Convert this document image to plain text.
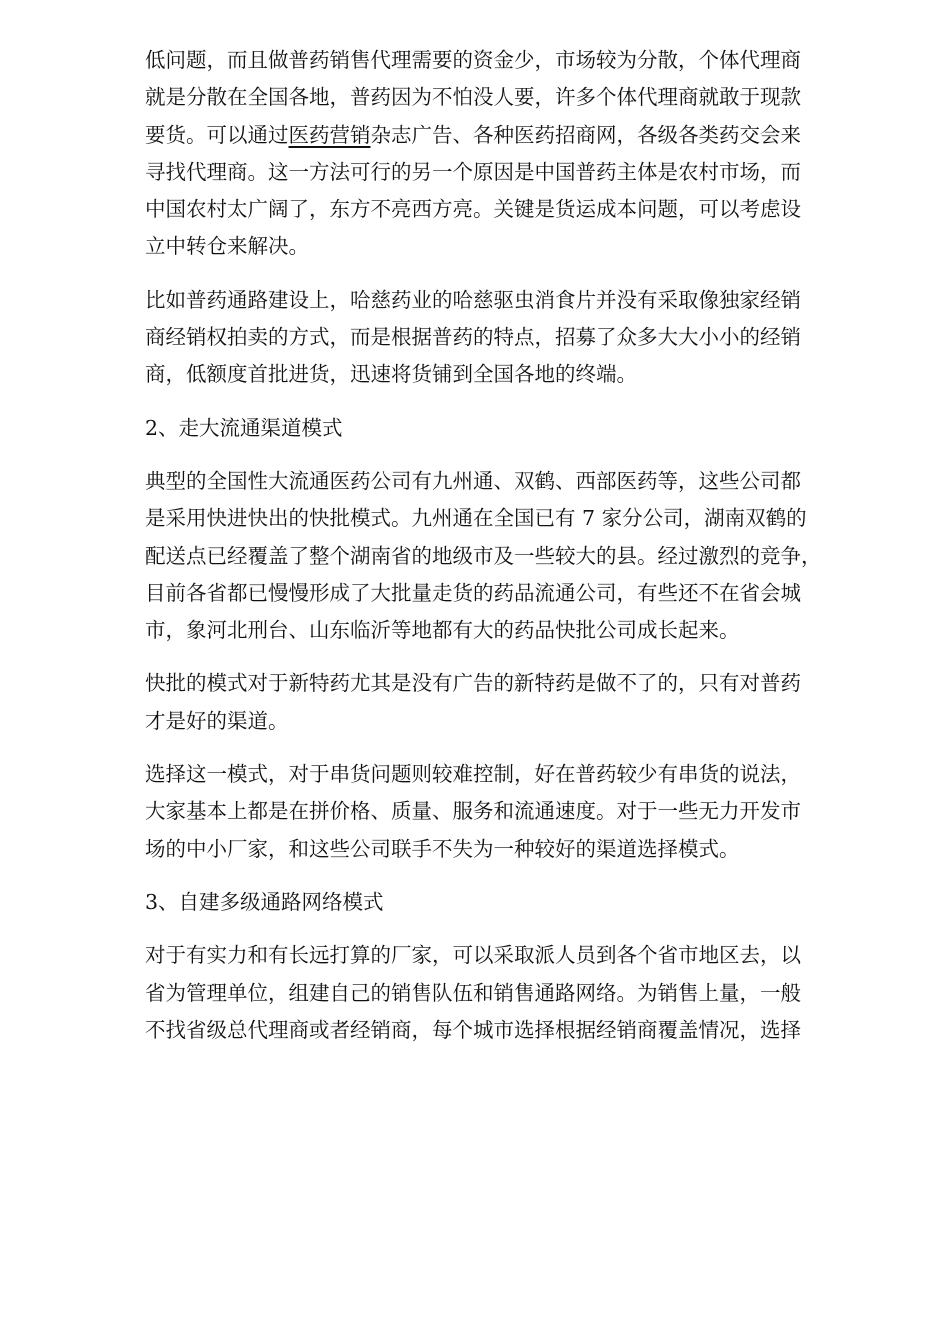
低问题，而且做普药销售代理需要的资金少，市场较为分散，个体代理商
就是分散在全国各地，普药因为不怕没人要，许多个体代理商就敢于现款
要货。可以通过医药营销杂志广告、各种医药招商网，各级各类药交会来
寻找代理商。这一方法可行的另一个原因是中国普药主体是农村市场，而
中国农村太广阔了，东方不亮西方亮。关键是货运成本问题，可以考虑设
立中转仓来解决。
比如普药通路建设上，哈慈药业的哈慈驱虫消食片并没有采取像独家经销
商经销权拍卖的方式，而是根据普药的特点，招募了众多大大小小的经销
商，低额度首批进货，迅速将货铺到全国各地的终端。
2、走大流通渠道模式
典型的全国性大流通医药公司有九州通、双鹤、西部医药等，这些公司都
是采用快进快出的快批模式。九州通在全国已有 7 家分公司，湖南双鹤的
配送点已经覆盖了整个湖南省的地级市及一些较大的县。经过激烈的竞争，
目前各省都已慢慢形成了大批量走货的药品流通公司，有些还不在省会城
市，象河北刑台、山东临沂等地都有大的药品快批公司成长起来。
快批的模式对于新特药尤其是没有广告的新特药是做不了的，只有对普药
才是好的渠道。
选择这一模式，对于串货问题则较难控制，好在普药较少有串货的说法，
大家基本上都是在拼价格、质量、服务和流通速度。对于一些无力开发市
场的中小厂家，和这些公司联手不失为一种较好的渠道选择模式。
3、自建多级通路网络模式
对于有实力和有长远打算的厂家，可以采取派人员到各个省市地区去，以
省为管理单位，组建自己的销售队伍和销售通路网络。为销售上量，一般
不找省级总代理商或者经销商，每个城市选择根据经销商覆盖情况，选择
